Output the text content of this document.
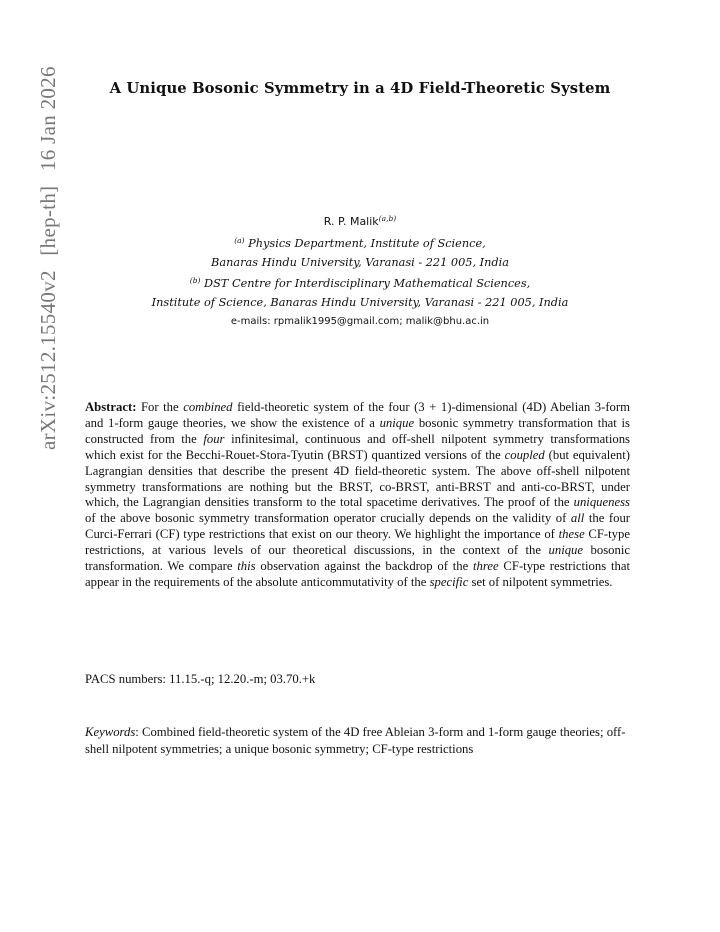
arXiv:2512.15540v2 [hep-th] 16 Jan 2026	A Unique Bosonic Symmetry in a 4D Field-Theoretic System
R. P. Malik$^{(a,b)}$
$^{(a)}$ Physics Department, Institute of Science,
Banaras Hindu University, Varanasi - 221 005, India
$^{(b)}$ DST Centre for Interdisciplinary Mathematical Sciences,
Institute of Science, Banaras Hindu University, Varanasi - 221 005, India
e-mails: rpmalik1995@gmail.com; malik@bhu.ac.in
Abstract: For the combined field-theoretic system of the four (3 + 1)-dimensional (4D) Abelian 3-form and 1-form gauge theories, we show the existence of a unique bosonic symmetry transformation that is constructed from the four infinitesimal, continuous and off-shell nilpotent symmetry transformations which exist for the Becchi-Rouet-Stora-Tyutin (BRST) quantized versions of the coupled (but equivalent) Lagrangian densities that describe the present 4D field-theoretic system. The above off-shell nilpotent symmetry transformations are nothing but the BRST, co-BRST, anti-BRST and anti-co-BRST, under which, the Lagrangian densities transform to the total spacetime derivatives. The proof of the uniqueness of the above bosonic symmetry transformation operator crucially depends on the validity of all the four Curci-Ferrari (CF) type restrictions that exist on our theory. We highlight the importance of these CF-type restrictions, at various levels of our theoretical discussions, in the context of the unique bosonic transformation. We compare this observation against the backdrop of the three CF-type restrictions that appear in the requirements of the absolute anticommutativity of the specific set of nilpotent symmetries.
PACS numbers: 11.15.-q; 12.20.-m; 03.70.+k
Keywords: Combined field-theoretic system of the 4D free Ableian 3-form and 1-form gauge theories; off-shell nilpotent symmetries; a unique bosonic symmetry; CF-type restrictions
